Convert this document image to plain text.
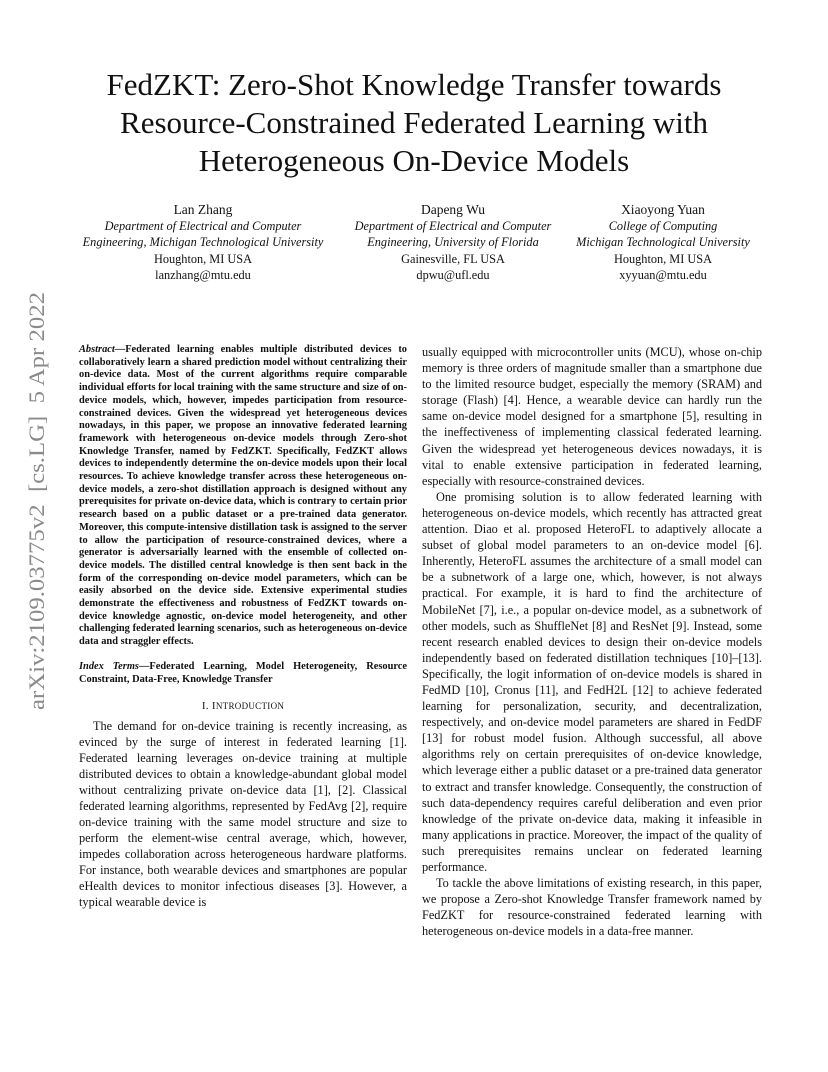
arXiv:2109.03775v2  [cs.LG]  5 Apr 2022
FedZKT: Zero-Shot Knowledge Transfer towards
Resource-Constrained Federated Learning with
Heterogeneous On-Device Models
Lan Zhang
Department of Electrical and Computer
Engineering, Michigan Technological University
Houghton, MI USA
lanzhang@mtu.edu
Dapeng Wu
Department of Electrical and Computer
Engineering, University of Florida
Gainesville, FL USA
dpwu@ufl.edu
Xiaoyong Yuan
College of Computing
Michigan Technological University
Houghton, MI USA
xyyuan@mtu.edu

Abstract—Federated learning enables multiple distributed devices to collaboratively learn a shared prediction model without centralizing their on-device data. Most of the current algorithms require comparable individual efforts for local training with the same structure and size of on-device models, which, however, impedes participation from resource-constrained devices. Given the widespread yet heterogeneous devices nowadays, in this paper, we propose an innovative federated learning framework with heterogeneous on-device models through Zero-shot Knowledge Transfer, named by FedZKT. Specifically, FedZKT allows devices to independently determine the on-device models upon their local resources. To achieve knowledge transfer across these heterogeneous on-device models, a zero-shot distillation approach is designed without any prerequisites for private on-device data, which is contrary to certain prior research based on a public dataset or a pre-trained data generator. Moreover, this compute-intensive distillation task is assigned to the server to allow the participation of resource-constrained devices, where a generator is adversarially learned with the ensemble of collected on-device models. The distilled central knowledge is then sent back in the form of the corresponding on-device model parameters, which can be easily absorbed on the device side. Extensive experimental studies demonstrate the effectiveness and robustness of FedZKT towards on-device knowledge agnostic, on-device model heterogeneity, and other challenging federated learning scenarios, such as heterogeneous on-device data and straggler effects.

Index Terms—Federated Learning, Model Heterogeneity, Resource Constraint, Data-Free, Knowledge Transfer

I. INTRODUCTION

The demand for on-device training is recently increasing, as evinced by the surge of interest in federated learning [1]. Federated learning leverages on-device training at multiple distributed devices to obtain a knowledge-abundant global model without centralizing private on-device data [1], [2]. Classical federated learning algorithms, represented by FedAvg [2], require on-device training with the same model structure and size to perform the element-wise central average, which, however, impedes collaboration across heterogeneous hardware platforms. For instance, both wearable devices and smartphones are popular eHealth devices to monitor infectious diseases [3]. However, a typical wearable device is

usually equipped with microcontroller units (MCU), whose on-chip memory is three orders of magnitude smaller than a smartphone due to the limited resource budget, especially the memory (SRAM) and storage (Flash) [4]. Hence, a wearable device can hardly run the same on-device model designed for a smartphone [5], resulting in the ineffectiveness of implementing classical federated learning. Given the widespread yet heterogeneous devices nowadays, it is vital to enable extensive participation in federated learning, especially with resource-constrained devices.

One promising solution is to allow federated learning with heterogeneous on-device models, which recently has attracted great attention. Diao et al. proposed HeteroFL to adaptively allocate a subset of global model parameters to an on-device model [6]. Inherently, HeteroFL assumes the architecture of a small model can be a subnetwork of a large one, which, however, is not always practical. For example, it is hard to find the architecture of MobileNet [7], i.e., a popular on-device model, as a subnetwork of other models, such as ShuffleNet [8] and ResNet [9]. Instead, some recent research enabled devices to design their on-device models independently based on federated distillation techniques [10]–[13]. Specifically, the logit information of on-device models is shared in FedMD [10], Cronus [11], and FedH2L [12] to achieve federated learning for personalization, security, and decentralization, respectively, and on-device model parameters are shared in FedDF [13] for robust model fusion. Although successful, all above algorithms rely on certain prerequisites of on-device knowledge, which leverage either a public dataset or a pre-trained data generator to extract and transfer knowledge. Consequently, the construction of such data-dependency requires careful deliberation and even prior knowledge of the private on-device data, making it infeasible in many applications in practice. Moreover, the impact of the quality of such prerequisites remains unclear on federated learning performance.

To tackle the above limitations of existing research, in this paper, we propose a Zero-shot Knowledge Transfer framework named by FedZKT for resource-constrained federated learning with heterogeneous on-device models in a data-free manner.
